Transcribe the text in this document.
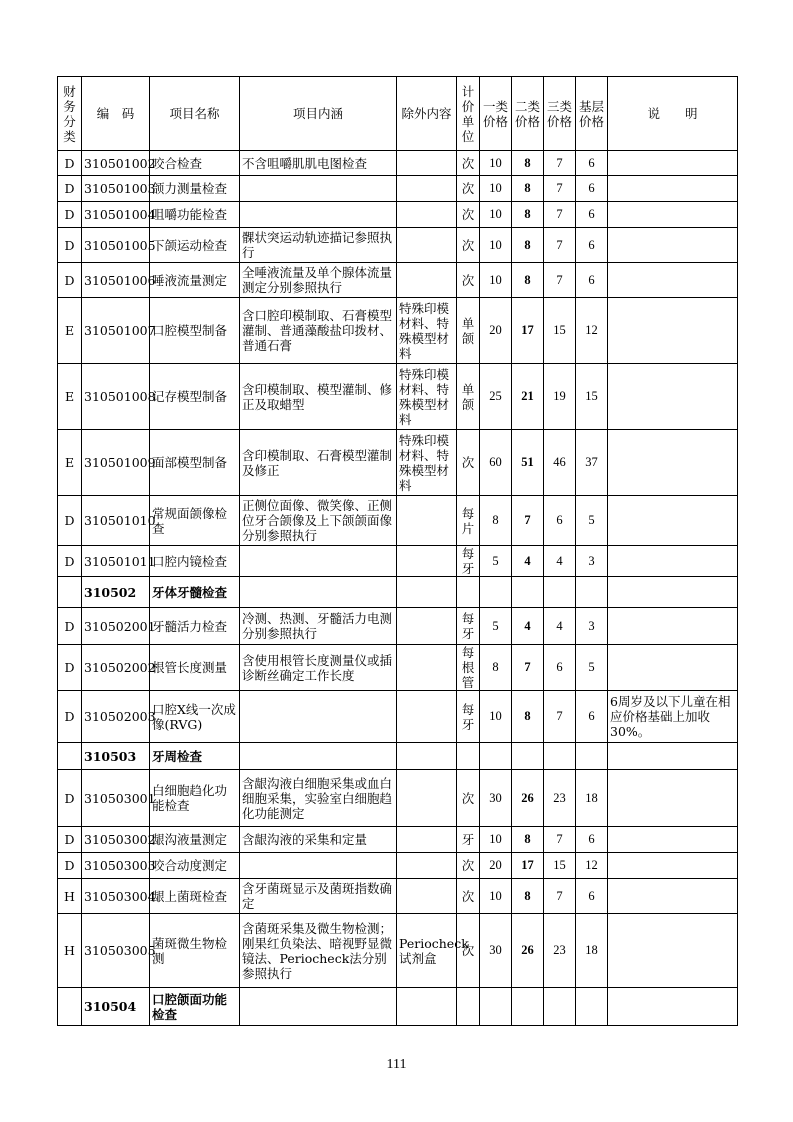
财务分类	编　码	项目名称	项目内涵	除外内容	计价单位	一类价格	二类价格	三类价格	基层价格	说　　明
D	310501002	咬合检查	不含咀嚼肌肌电图检查		次	10	8	7	6	
D	310501003	颌力测量检查			次	10	8	7	6	
D	310501004	咀嚼功能检查			次	10	8	7	6	
D	310501005	下颌运动检查	髁状突运动轨迹描记参照执行		次	10	8	7	6	
D	310501006	唾液流量测定	全唾液流量及单个腺体流量测定分别参照执行		次	10	8	7	6	
E	310501007	口腔模型制备	含口腔印模制取、石膏模型灌制、普通藻酸盐印拨材、普通石膏	特殊印模材料、特殊模型材料	单颌	20	17	15	12	
E	310501008	记存模型制备	含印模制取、模型灌制、修正及取蜡型	特殊印模材料、特殊模型材料	单颌	25	21	19	15	
E	310501009	面部模型制备	含印模制取、石膏模型灌制及修正	特殊印模材料、特殊模型材料	次	60	51	46	37	
D	310501010	常规面颌像检查	正侧位面像、微笑像、正侧位牙合颌像及上下颌颌面像分别参照执行		每片	8	7	6	5	
D	310501011	口腔内镜检查			每牙	5	4	4	3	
	310502	牙体牙髓检查								
D	310502001	牙髓活力检查	冷测、热测、牙髓活力电测分别参照执行		每牙	5	4	4	3	
D	310502002	根管长度测量	含使用根管长度测量仪或插诊断丝确定工作长度		每根管	8	7	6	5	
D	310502003	口腔X线一次成像(RVG)			每牙	10	8	7	6	6周岁及以下儿童在相应价格基础上加收30%。
	310503	牙周检查								
D	310503001	白细胞趋化功能检查	含龈沟液白细胞采集或血白细胞采集，实验室白细胞趋化功能测定		次	30	26	23	18	
D	310503002	龈沟液量测定	含龈沟液的采集和定量		牙	10	8	7	6	
D	310503003	咬合动度测定			次	20	17	15	12	
H	310503004	龈上菌斑检查	含牙菌斑显示及菌斑指数确定		次	10	8	7	6	
H	310503005	菌斑微生物检测	含菌斑采集及微生物检测；刚果红负染法、暗视野显微镜法、Periocheck法分别参照执行	Periocheck试剂盒	次	30	26	23	18	
	310504	口腔颌面功能检查								
111
